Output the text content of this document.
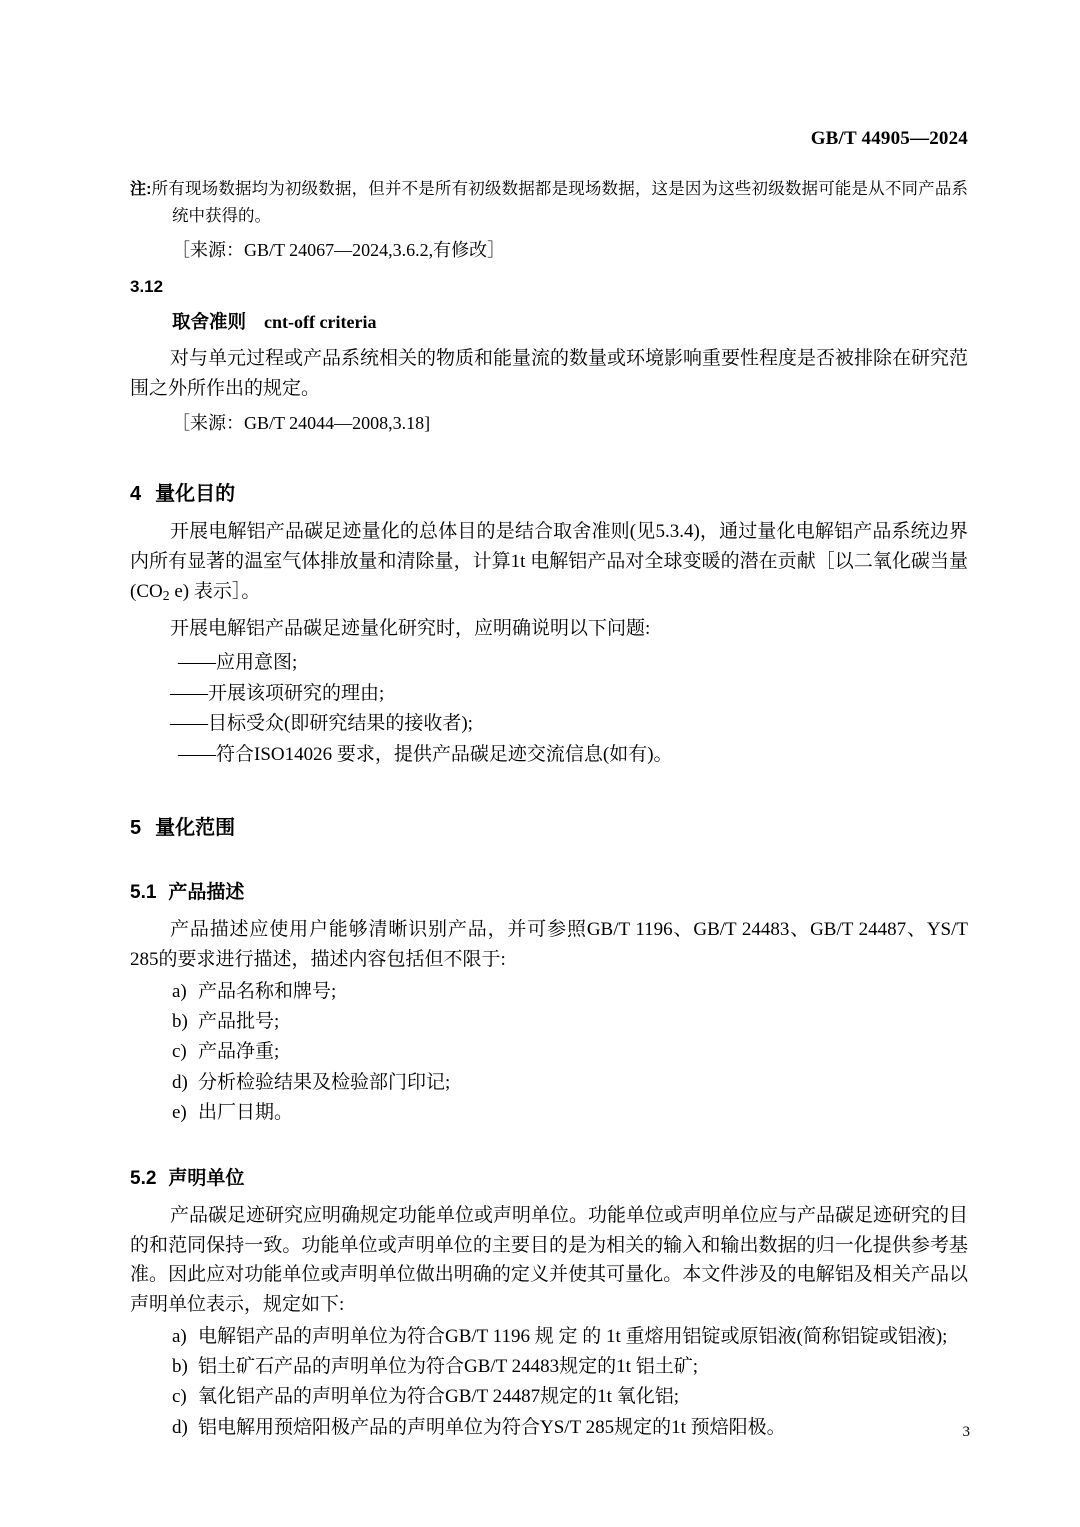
GB/T 44905—2024
注:所有现场数据均为初级数据，但并不是所有初级数据都是现场数据，这是因为这些初级数据可能是从不同产品系统中获得的。
［来源：GB/T 24067—2024,3.6.2,有修改］
3.12
取舍准则 cnt-off criteria
对与单元过程或产品系统相关的物质和能量流的数量或环境影响重要性程度是否被排除在研究范围之外所作出的规定。
［来源：GB/T 24044—2008,3.18]
4 量化目的
开展电解铝产品碳足迹量化的总体目的是结合取舍准则(见5.3.4)，通过量化电解铝产品系统边界内所有显著的温室气体排放量和清除量，计算1t 电解铝产品对全球变暖的潜在贡献［以二氧化碳当量($CO_2$ e) 表示］。
开展电解铝产品碳足迹量化研究时，应明确说明以下问题:
——应用意图;
——开展该项研究的理由;
——目标受众(即研究结果的接收者);
——符合ISO14026 要求，提供产品碳足迹交流信息(如有)。
5 量化范围
5.1 产品描述
产品描述应使用户能够清晰识别产品，并可参照GB/T 1196、GB/T 24483、GB/T 24487、YS/T 285的要求进行描述，描述内容包括但不限于:
a) 产品名称和牌号;
b) 产品批号;
c) 产品净重;
d) 分析检验结果及检验部门印记;
e) 出厂日期。
5.2 声明单位
产品碳足迹研究应明确规定功能单位或声明单位。功能单位或声明单位应与产品碳足迹研究的目的和范同保持一致。功能单位或声明单位的主要目的是为相关的输入和输出数据的归一化提供参考基准。因此应对功能单位或声明单位做出明确的定义并使其可量化。本文件涉及的电解铝及相关产品以声明单位表示，规定如下:
a) 电解铝产品的声明单位为符合GB/T 1196 规 定 的 1t 重熔用铝锭或原铝液(简称铝锭或铝液);
b) 铝土矿石产品的声明单位为符合GB/T 24483规定的1t 铝土矿;
c) 氧化铝产品的声明单位为符合GB/T 24487规定的1t 氧化铝;
d) 铝电解用预焙阳极产品的声明单位为符合YS/T 285规定的1t 预焙阳极。	3
